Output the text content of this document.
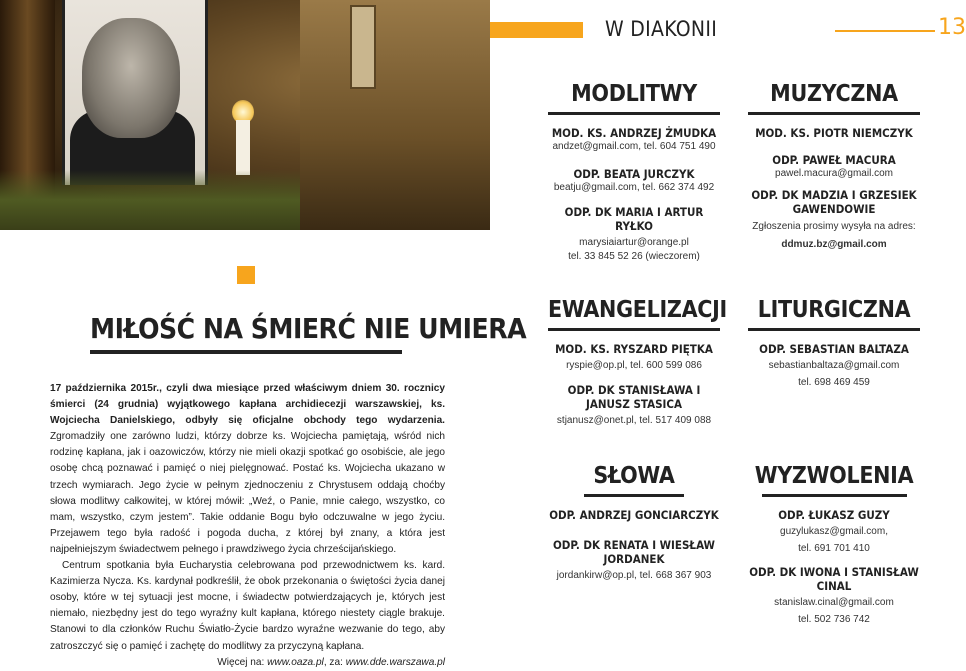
W DIAKONII	13
MIŁOŚĆ NA ŚMIERĆ NIE UMIERA

17 października 2015r., czyli dwa miesiące przed właściwym dniem 30. rocznicy śmierci (24 grudnia) wyjątkowego kapłana archidiecezji warszawskiej, ks. Wojciecha Danielskiego, odbyły się oficjalne obchody tego wydarzenia. Zgromadziły one zarówno ludzi, którzy dobrze ks. Wojciecha pamiętają, wśród nich rodzinę kapłana, jak i oazowiczów, którzy nie mieli okazji spotkać go osobiście, ale jego osobę chcą poznawać i pamięć o niej pielęgnować. Postać ks. Wojciecha ukazano w trzech wymiarach. Jego życie w pełnym zjednoczeniu z Chrystusem oddają choćby słowa modlitwy całkowitej, w której mówił: „Weź, o Panie, mnie całego, wszystko, co mam, wszystko, czym jestem”. Takie oddanie Bogu było odczuwalne w jego życiu. Przejawem tego była radość i pogoda ducha, z której był znany, a która jest najpełniejszym świadectwem pełnego i prawdziwego życia chrześcijańskiego.

Centrum spotkania była Eucharystia celebrowana pod przewodnictwem ks. kard. Kazimierza Nycza. Ks. kardynał podkreślił, że obok przekonania o świętości życia danej osoby, które w tej sytuacji jest mocne, i świadectw potwierdzających je, których jest niemało, niezbędny jest do tego wyraźny kult kapłana, którego niestety ciągle brakuje. Stanowi to dla członków Ruchu Światło-Życie bardzo wyraźne wezwanie do tego, aby zatroszczyć się o pamięć i zachętę do modlitwy za przyczyną kapłana.

Więcej na: www.oaza.pl, za: www.dde.warszawa.pl

MODLITWY
MOD. KS. ANDRZEJ ŻMUDKA
andzet@gmail.com, tel. 604 751 490
ODP. BEATA JURCZYK
beatju@gmail.com, tel. 662 374 492
ODP. DK MARIA I ARTUR RYŁKO
marysiaiartur@orange.pl
tel. 33 845 52 26 (wieczorem)
MUZYCZNA
MOD. KS. PIOTR NIEMCZYK
ODP. PAWEŁ MACURA
pawel.macura@gmail.com
ODP. DK MADZIA I GRZESIEK
GAWENDOWIE
Zgłoszenia prosimy wysyła na adres:
ddmuz.bz@gmail.com
EWANGELIZACJI
MOD. KS. RYSZARD PIĘTKA
ryspie@op.pl, tel. 600 599 086
ODP. DK STANISŁAWA I JANUSZ STASICA
stjanusz@onet.pl, tel. 517 409 088
LITURGICZNA
ODP. SEBASTIAN BALTAZA
sebastianbaltaza@gmail.com
tel. 698 469 459
SŁOWA
ODP. ANDRZEJ GONCIARCZYK
ODP. DK RENATA I WIESŁAW JORDANEK
jordankirw@op.pl, tel. 668 367 903
WYZWOLENIA
ODP. ŁUKASZ GUZY
guzylukasz@gmail.com,
tel. 691 701 410
ODP. DK IWONA I STANISŁAW CINAL
stanislaw.cinal@gmail.com
tel. 502 736 742
